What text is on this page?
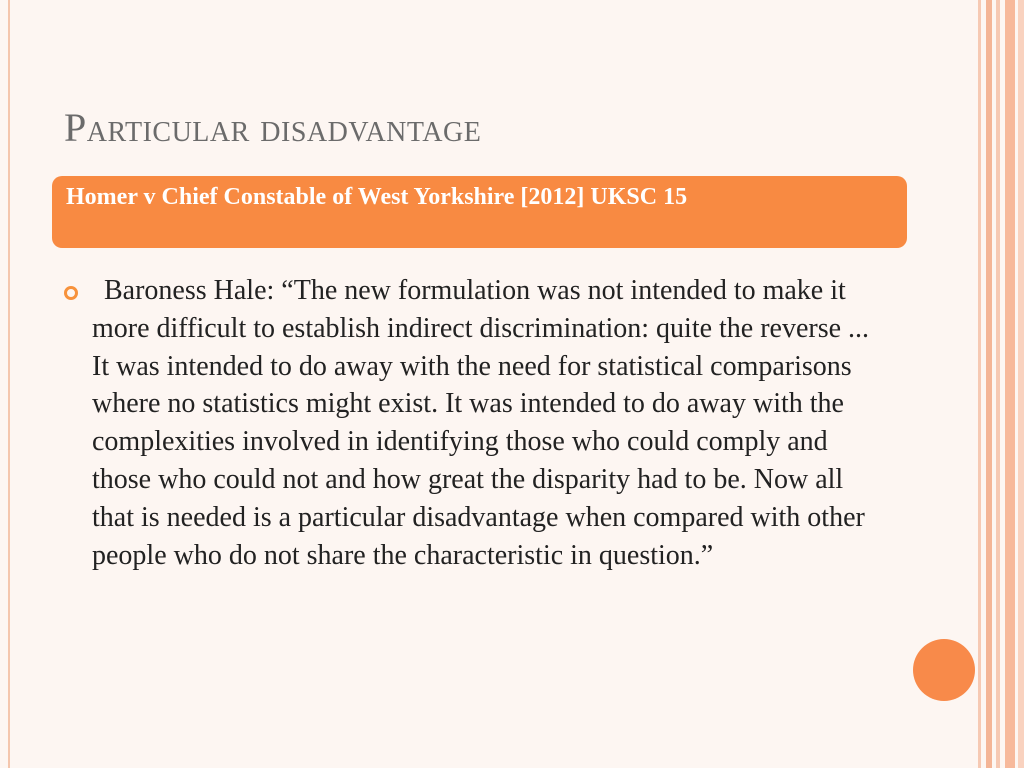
Particular disadvantage

Homer v Chief Constable of West Yorkshire [2012] UKSC 15

Baroness Hale: “The new formulation was not intended to make it more difficult to establish indirect discrimination: quite the reverse ... It was intended to do away with the need for statistical comparisons where no statistics might exist. It was intended to do away with the complexities involved in identifying those who could comply and those who could not and how great the disparity had to be. Now all that is needed is a particular disadvantage when compared with other people who do not share the characteristic in question.”
